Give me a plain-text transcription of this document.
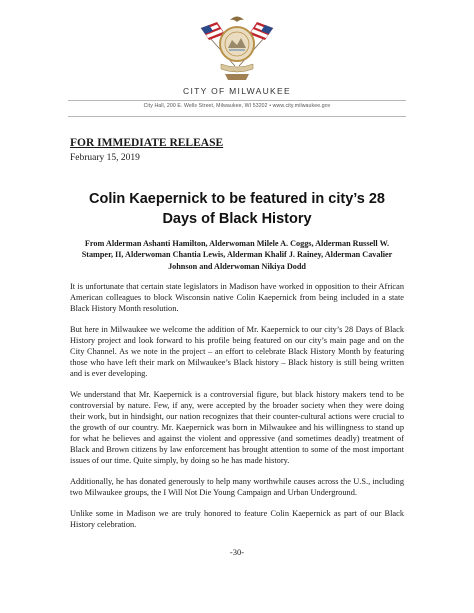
CITY OF MILWAUKEE
City Hall, 200 E. Wells Street, Milwaukee, WI 53202 • www.city.milwaukee.gov
FOR IMMEDIATE RELEASE
February 15, 2019
Colin Kaepernick to be featured in city’s 28
Days of Black History
From Alderman Ashanti Hamilton, Alderwoman Milele A. Coggs, Alderman Russell W. Stamper, II, Alderwoman Chantia Lewis, Alderman Khalif J. Rainey, Alderman Cavalier Johnson and Alderwoman Nikiya Dodd

It is unfortunate that certain state legislators in Madison have worked in opposition to their African American colleagues to block Wisconsin native Colin Kaepernick from being included in a state Black History Month resolution.

But here in Milwaukee we welcome the addition of Mr. Kaepernick to our city’s 28 Days of Black History project and look forward to his profile being featured on our city’s main page and on the City Channel. As we note in the project – an effort to celebrate Black History Month by featuring those who have left their mark on Milwaukee’s Black history – Black history is still being written and is ever developing.

We understand that Mr. Kaepernick is a controversial figure, but black history makers tend to be controversial by nature. Few, if any, were accepted by the broader society when they were doing their work, but in hindsight, our nation recognizes that their counter-cultural actions were crucial to the growth of our country. Mr. Kaepernick was born in Milwaukee and his willingness to stand up for what he believes and against the violent and oppressive (and sometimes deadly) treatment of Black and Brown citizens by law enforcement has brought attention to some of the most important issues of our time. Quite simply, by doing so he has made history.

Additionally, he has donated generously to help many worthwhile causes across the U.S., including two Milwaukee groups, the I Will Not Die Young Campaign and Urban Underground.

Unlike some in Madison we are truly honored to feature Colin Kaepernick as part of our Black History celebration.

-30-
